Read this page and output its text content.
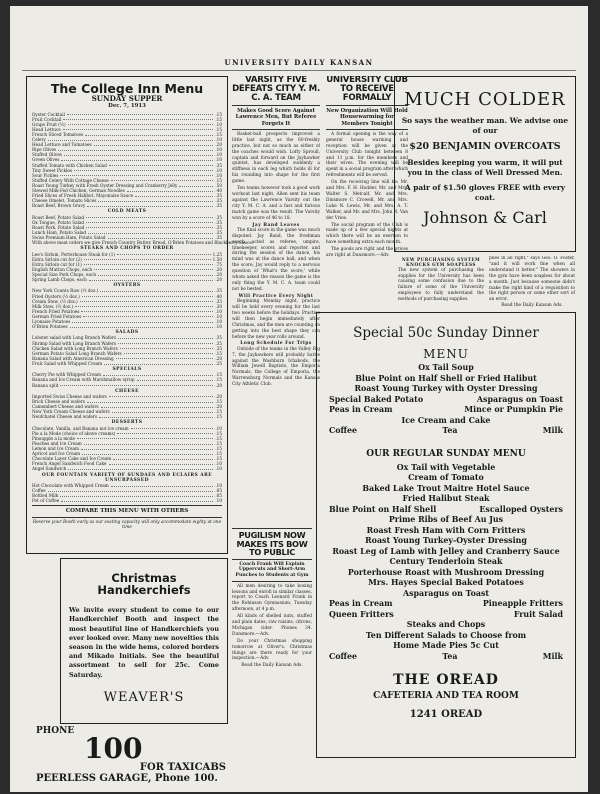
UNIVERSITY DAILY KANSAN
The College Inn Menu
SUNDAY SUPPER
Dec. 7, 1913
Oyster Cocktail	.15
Fruit Cocktail	.15
Grape Fruit (½)	.10
Head Lettuce	.15
French Sliced Tomatoes	.15
Celery	.10
Head Lettuce and Tomatoes	.20
Ripe Olives	.10
Stuffed Olives	.10
Green Olives	.10
Stuffed Tomato with Chicken Salad	.35
Tiny Sweet Pickles	.10
Sour Pickles	.10
Stuffed Celery With Cottage Cheese	.15
Roast Young Turkey with Fresh Oyster Dressing and Cranberry Jelly	.50
Stewed Milk-Fed Chicken, German Noodles	.40
Fried Slices of Fresh Halibut, Mayonaise Sauce	.35
Cheese Omelet, Tomato Slices	.35
Roast Beef, Brown Gravy	.35
COLD MEATS
Roast Beef, Potato Salad	.35
Ox Tongue, Potato Salad	.35
Roast Pork, Potato Salad	.35
Lunch Ham, Potato Salad	.35
Swiss Premium Ham, Potato Salad	.35
With above meat orders we give French Country Butter, Bread, O'Brien Potatoes and Blackberry Sauce.
STEAKS AND CHOPS TO ORDER
Lee's Sirloin, Porterhouse Steak for (1)	1.25
Extra Sirloin cut for (2)	1.50
Extra Sirloin cut for (1)	.75
English Mutton Chops, each	.20
Special Size Pork Chops, each	.20
Spring Lamb Chops, each	.20
OYSTERS
New York Counts Raw (½ doz.)	.35
Fried Oysters (½ doz.)	.40
Cream Stew, (½ doz.)	.35
Milk Stew, (½ doz.)	.30
French Fried Potatoes	.10
German Fried Potatoes	.10
Lyonaise Potatoes	.10
O'Brien Potatoes	.10
SALADS
Lobster salad with Long Branch Wafers	.35
Shrimp Salad with Long Branch Wafers	.35
Chicken Salad with Long Branch Wafers	.35
German Potato Salad Long Branch Wafers	.15
Banana Salad with American Dressing	.20
Fruit Salad with Whipped Cream	.25
SPECIALS
Cherry Pie with Whipped Cream	.15
Banana and Ice Cream with Marshmallow syrup	.15
Banana split	.20
CHEESE
Imported Swiss Cheese and wafers	.20
Brick Cheese and wafers	.15
Camembert Cheese and wafers	.20
New York Cream Cheese and wafers	.15
Neufchatel Cheese and wafers	.15
DESSERTS
Chocolate, Vanilla, and Banana nut ice cream	.10
Pie a la Mode (choice of above creams)	.15
Pineapple a la mode	.15
Peaches and Ice Cream	.15
Lemon and Ice Cream	.15
Apricot and Ice Cream	.15
Chocolate Layer Cake and Ice Cream	.15
French Angel Sandwich Food Cake	.10
Angel Sandwich	.10
OUR FOUNTAIN VARIETY OF SUNDAES AND ECLAIRS ARE UNSURPASSED
Hot Chocolate with Whipped Cream	.10
Coffee	.05
Bottled Milk	.05
Pot of Coffee	.10
COMPARE THIS MENU WITH OTHERS
Reserve your Booth early as our seating capacity will only accommodate eighty at one time
VARSITY FIVE DEFEATS CITY Y. M. C. A. TEAM
Makes Good Score Against Lawrence Men, But Referee Forgets It

Basket-ball prospects improved a little last night, as the 60-freshly practice, but not so much as either of the coaches would wish. Lofty Sproull, captain and forward on the Jayhawker quintet, has developed suddenly a stiffness in each leg which holds ill for his rounding into shape for the first game.

Ten teams however took a good work workout last night. Allen sent his team against the Lawrence Varsity out the city Y. M. C. A. and a fast and furious match game was the result. The Varsity won by a score of 46 to 18.

Jay Band Leaves

The final score in the game was much disputed. Jay Band, the freshman coach, acted as referee, umpire, timekeeper, scorer, and reporter, and during the session of the dance, his mind was at the dance ball, and when the score, Jay would reply to a nervous question of 'What's the score,' while whom asked the reason the game is the only thing the Y. M. C. A. team could not be bested.

Will Practice Every Night

Beginning Monday night, practice will be held every evening for the last two weeks before the holidays. Practice will then begin immediately after Christmas, and the men are counting on getting into the best shape they can before the new year rolls around.

Long Schedule For Trips

Outside of the teams in the Valley Big 7, the Jayhawkers will probably battle against the Washburn Ichabods, the William Jewell Baptists, the Emporia Normals, the College of Emporia, the Warrensburg Normals and the Kansas City Athletic Club.

UNIVERSITY CLUB TO RECEIVE FORMALLY
New Organization Will Hold Housewarming for Members Tonight

A formal opening is the way of a general house warming and reception will be given at the University Club tonight between 8 and 11 p.m. for the members and their wives. The evening will be spent in a social program after which refreshments will be served.

On the receiving line will be: Mr. and Mrs. F. H. Hodder, Mr. and Mrs. Walter S. Metcalf, Mr. and Mrs. Dinsmore C. Crowell, Mr. and Mrs. Luke N. Lewis, Mr. and Mrs. A. T. Walker, and Mr. and Mrs. John N. Van der Vries.

The social program of the Club is made up of a few special nights at which there will be an exertion to have something extra each month.

The goods are right and the prices are right at Dunsmore.—Adv.

MUCH COLDER
So says the weather man. We advise one of our
$20 BENJAMIN OVERCOATS
Besides keeping you warm, it will put you in the class of Well Dressed Men.
A pair of $1.50 gloves FREE with every coat.
Johnson & Carl
NEW PURCHASING SYSTEM KNOCKS GYM SOAPLESS
The new system of purchasing the supplies for the University has been causing some confusion due to the failure of some of the University employees to fully understand the methods of purchasing supplies.
plies in all right," says Geo. O. Foster, "and it will work fine when all understand it better." The showers in the gym have been soapless for about a month. Just because someone didn't make the right kind of a requisition to the right person or some other sort of an error.
Read the Daily Kansan Ads.
Special 50c Sunday Dinner
MENU
Ox Tail Soup
Blue Point on Half Shell or Fried Halibut
Roast Young Turkey with Oyster Dressing
Special Baked Potato	Asparagus on Toast
Peas in Cream	Mince or Pumpkin Pie
Ice Cream and Cake
Coffee	Tea	Milk
OUR REGULAR SUNDAY MENU
Ox Tail with Vegetable
Cream of Tomato
Baked Lake Trout Maitre Hotel Sauce
Fried Halibut Steak
Blue Point on Half Shell	Escalloped Oysters
Prime Ribs of Beef Au Jus
Roast Fresh Ham with Corn Fritters
Roast Young Turkey-Oyster Dressing
Roast Leg of Lamb with Jelley and Cranberry Sauce
Century Tenderloin Steak
Porterhouse Roast with Mushroom Dressing
Mrs. Hayes Special Baked Potatoes
Asparagus on Toast
Peas in Cream	Pineapple Fritters
Queen Fritters	Fruit Salad
Steaks and Chops
Ten Different Salads to Choose from
Home Made Pies 5c Cut
Coffee	Tea	Milk
THE OREAD
CAFETERIA AND TEA ROOM
1241 OREAD
PUGILISM NOW MAKES ITS BOW TO PUBLIC
Coach Frank Will Explain Uppercuts and Short-Arm Punches to Students at Gym

All men desiring to take boxing lessons and enroll in similar classes, report to Coach Leonard Frank in the Robinson Gymnasium, Tuesday afternoon, at 4 p.m.

All kinds of shelled nuts, stuffed and plain dates, raw raisins, citrons, Michigan cider. Phones 34. Dunsmore.—Adv.

Do your Christmas shopping tomorrow at Oliver's. Christmas things are there ready for your inspection.—Adv.

Read the Daily Kansan Ads.
Christmas Handkerchiefs
We invite every student to come to our Handkerchief Booth and inspect the most beautiful line of Handkerchiefs you ever looked over. Many new novelties this season in the wide hems, colored borders and Mikado Initials. See the beautiful assortment to sell for 25c. Come Saturday.
WEAVER'S
PHONE
100
FOR TAXICABS
PEERLESS GARAGE, Phone 100.
